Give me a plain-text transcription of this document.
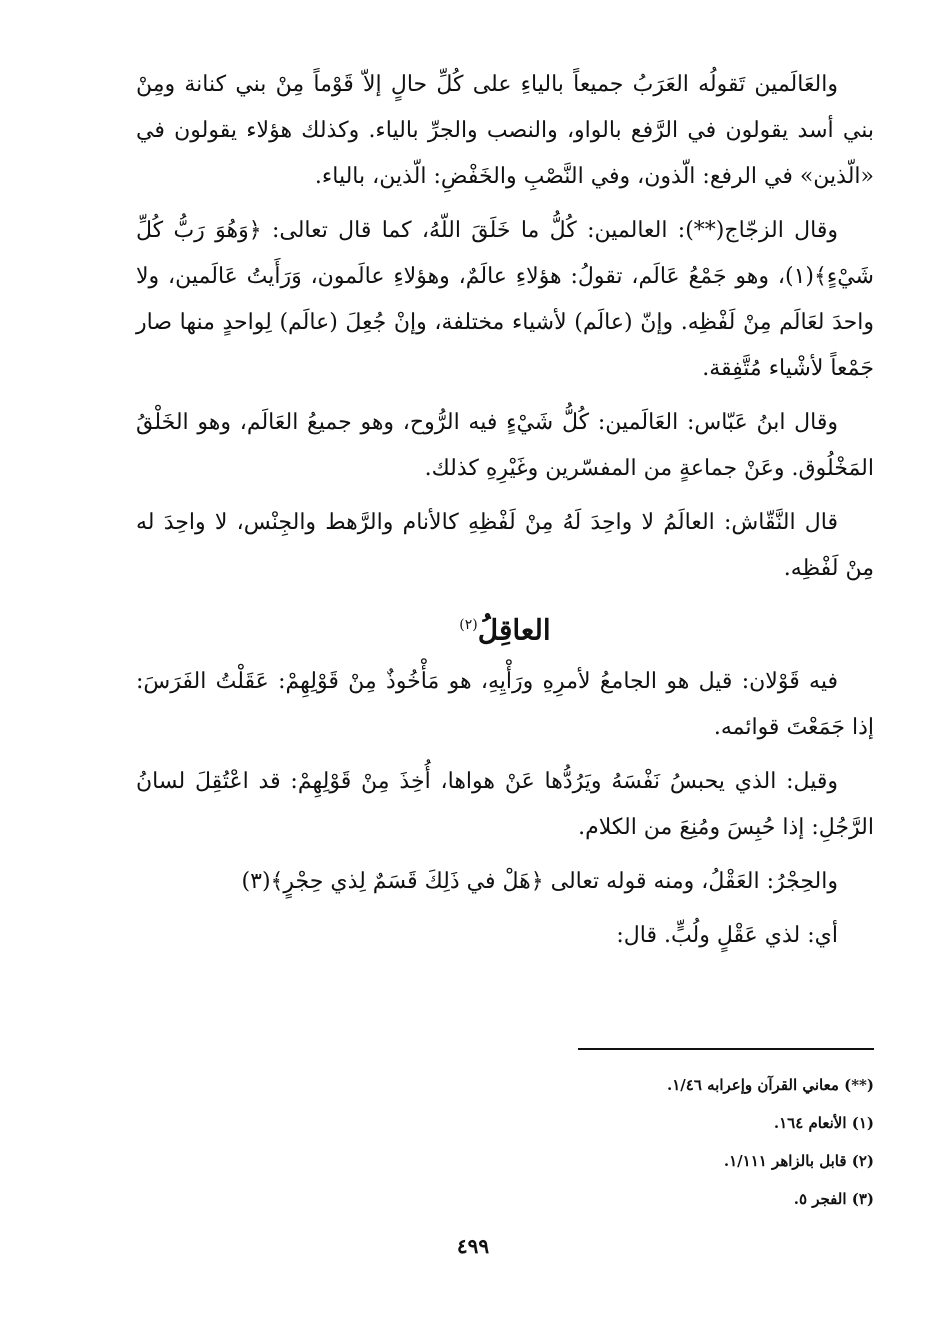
والعَالَمين تَقولُه العَرَبُ جميعاً بالياءِ على كُلِّ حالٍ إلاّ قَوْماً مِنْ بني كنانة ومِنْ بني أسد يقولون في الرَّفع بالواو، والنصب والجرِّ بالياء. وكذلك هؤلاء يقولون في «الّذين» في الرفع: الّذون، وفي النَّصْبِ والخَفْضِ: الّذين، بالياء.

وقال الزجّاج(**): العالمين: كُلُّ ما خَلَقَ اللّهُ، كما قال تعالى: ﴿وَهُوَ رَبُّ كُلِّ شَيْءٍ﴾(١)، وهو جَمْعُ عَالَم، تقولُ: هؤلاءِ عالَمٌ، وهؤلاءِ عالَمون، وَرَأَيتُ عَالَمين، ولا واحدَ لعَالَم مِنْ لَفْظِه. وإنّ (عالَم) لأشياء مختلفة، وإنْ جُعِلَ (عالَم) لِواحدٍ منها صار جَمْعاً لأشْياء مُتَّفِقة.

وقال ابنُ عَبّاس: العَالَمين: كُلُّ شَيْءٍ فيه الرُّوح، وهو جميعُ العَالَم، وهو الخَلْقُ المَخْلُوق. وعَنْ جماعةٍ من المفسّرين وغَيْرِهِ كذلك.

قال النَّقّاش: العالَمُ لا واحِدَ لَهُ مِنْ لَفْظِهِ كالأنام والرَّهط والجِنْس، لا واحِدَ له مِنْ لَفْظِه.

العاقِلُ$^{(٢)}$

فيه قَوْلان: قيل هو الجامعُ لأمرِهِ ورَأْيِهِ، هو مَأْخُوذٌ مِنْ قَوْلِهِمْ: عَقَلْتُ الفَرَسَ: إذا جَمَعْتَ قوائمه.

وقيل: الذي يحبسُ نَفْسَهُ ويَرُدُّها عَنْ هواها، أُخِذَ مِنْ قَوْلِهِمْ: قد اعْتُقِلَ لسانُ الرَّجُلِ: إذا حُبِسَ ومُنِعَ من الكلام.

والحِجْرُ: العَقْلُ، ومنه قوله تعالى ﴿هَلْ في ذَلِكَ قَسَمٌ لِذي حِجْرٍ﴾(٣)

أي: لذي عَقْلٍ ولُبٍّ. قال:

(**) معاني القرآن وإعرابه ١/٤٦.
(١) الأنعام ١٦٤.
(٢) قابل بالزاهر ١/١١١.
(٣) الفجر ٥.
٤٩٩
